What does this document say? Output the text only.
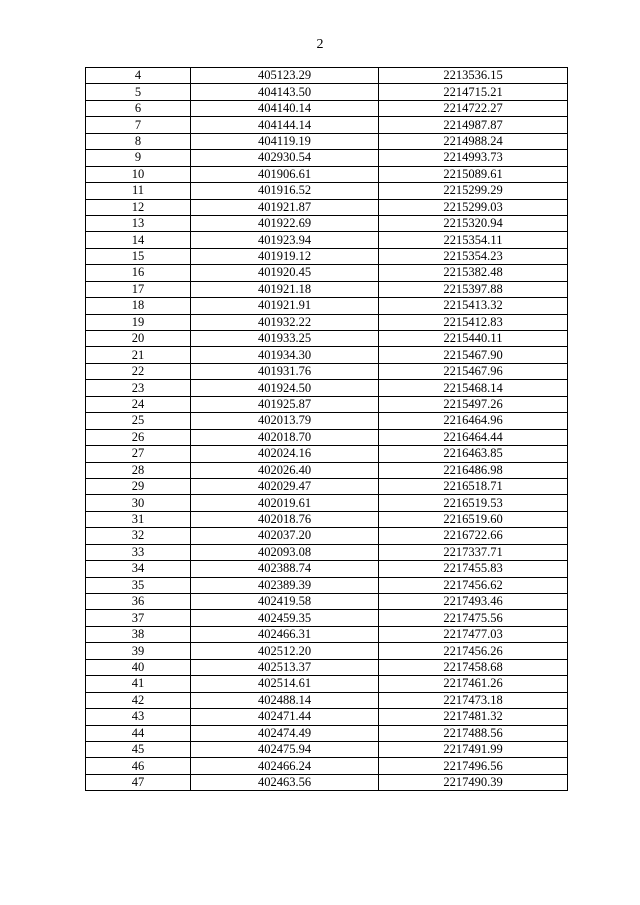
2
4	405123.29	2213536.15
5	404143.50	2214715.21
6	404140.14	2214722.27
7	404144.14	2214987.87
8	404119.19	2214988.24
9	402930.54	2214993.73
10	401906.61	2215089.61
11	401916.52	2215299.29
12	401921.87	2215299.03
13	401922.69	2215320.94
14	401923.94	2215354.11
15	401919.12	2215354.23
16	401920.45	2215382.48
17	401921.18	2215397.88
18	401921.91	2215413.32
19	401932.22	2215412.83
20	401933.25	2215440.11
21	401934.30	2215467.90
22	401931.76	2215467.96
23	401924.50	2215468.14
24	401925.87	2215497.26
25	402013.79	2216464.96
26	402018.70	2216464.44
27	402024.16	2216463.85
28	402026.40	2216486.98
29	402029.47	2216518.71
30	402019.61	2216519.53
31	402018.76	2216519.60
32	402037.20	2216722.66
33	402093.08	2217337.71
34	402388.74	2217455.83
35	402389.39	2217456.62
36	402419.58	2217493.46
37	402459.35	2217475.56
38	402466.31	2217477.03
39	402512.20	2217456.26
40	402513.37	2217458.68
41	402514.61	2217461.26
42	402488.14	2217473.18
43	402471.44	2217481.32
44	402474.49	2217488.56
45	402475.94	2217491.99
46	402466.24	2217496.56
47	402463.56	2217490.39
